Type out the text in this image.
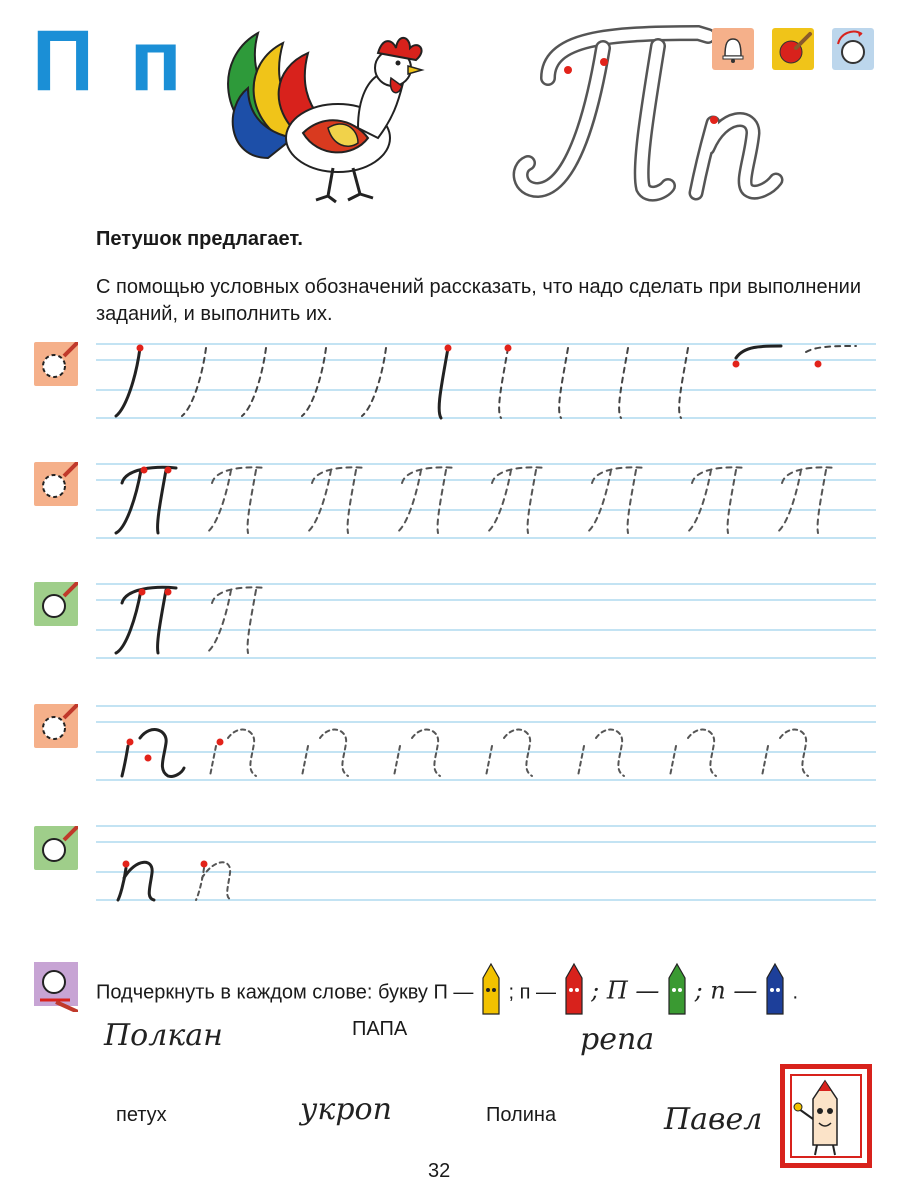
П п
Петушок предлагает.
С помощью условных обозначений рассказать, что надо сделать при выполнении заданий, и выполнить их.
Подчеркнуть в каждом слове: букву П — ; п — ; П — ; п — .
Полкан	ПАПА	репа
петух	укроп	Полина	Павел
32
